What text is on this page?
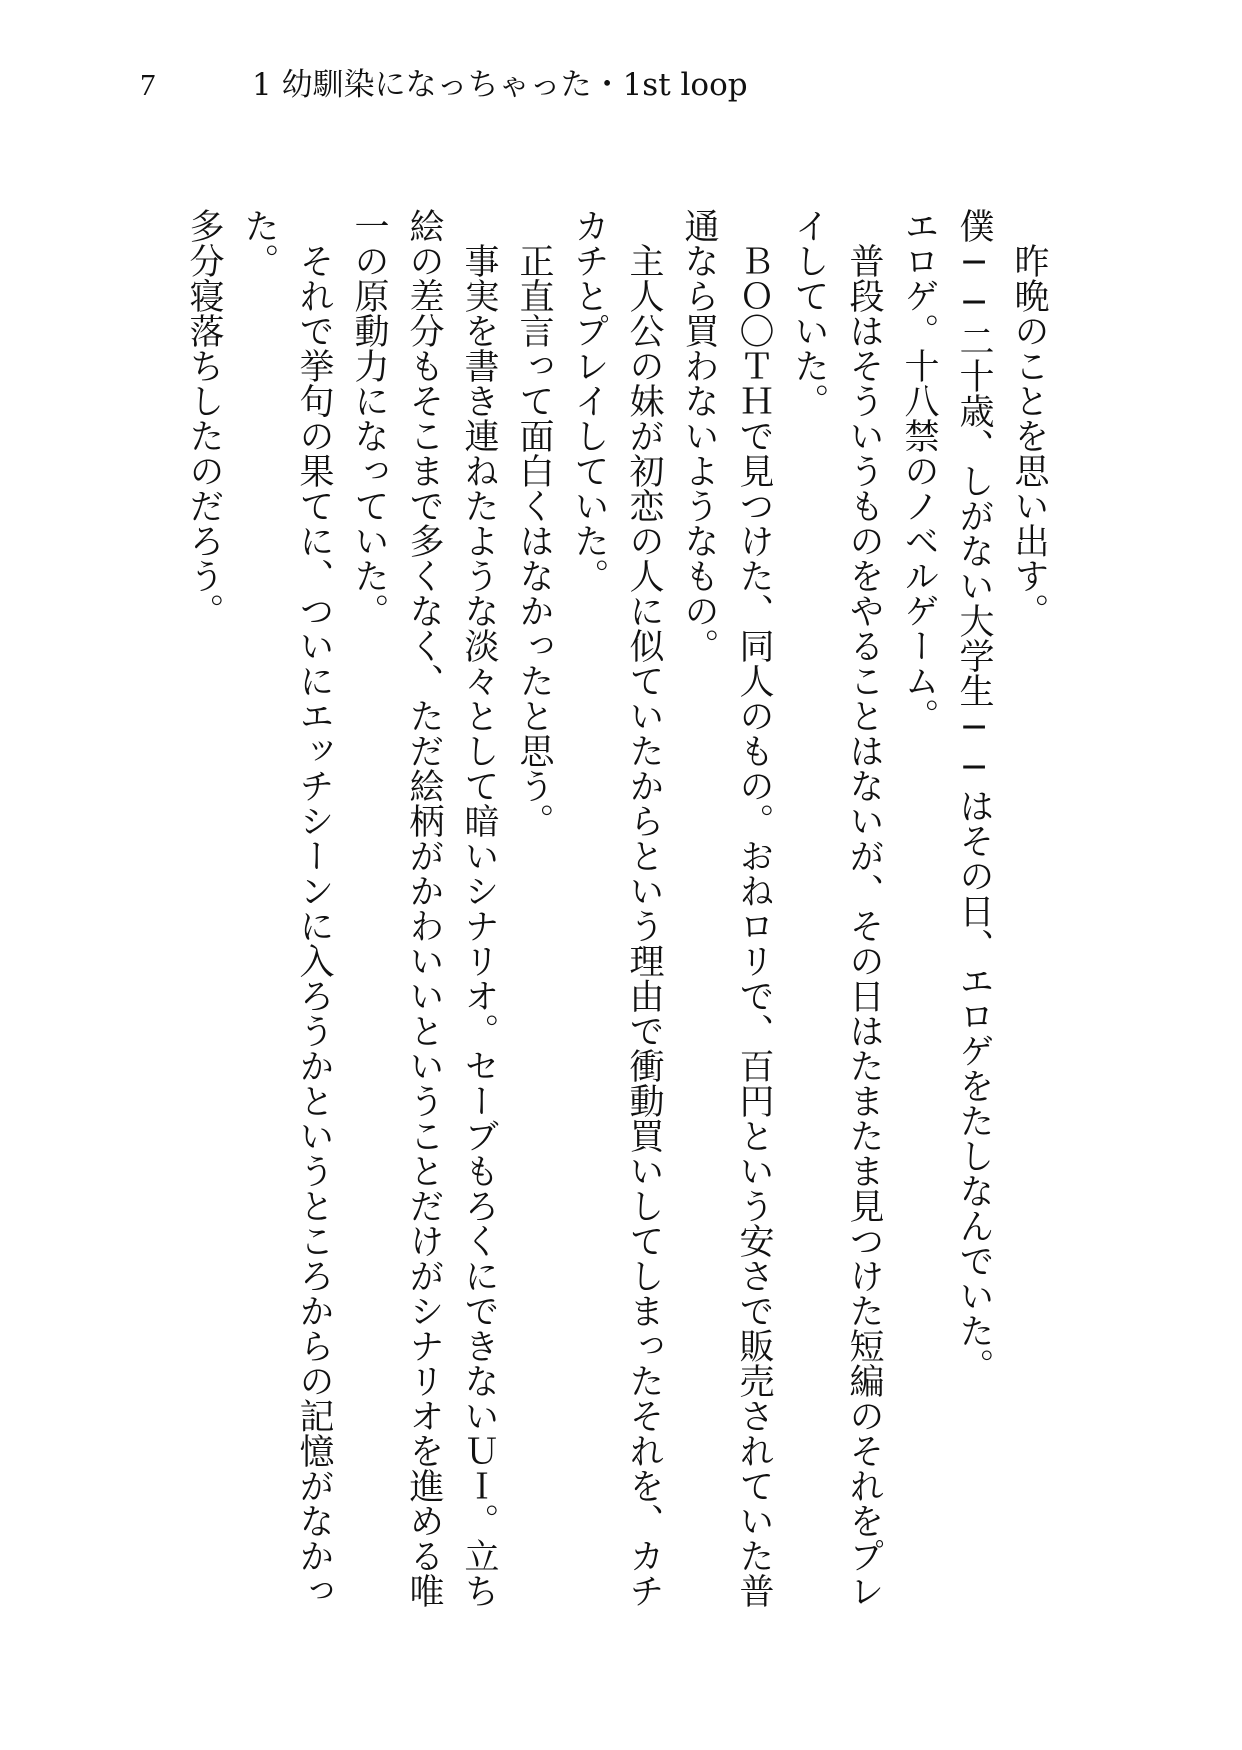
7	1 幼馴染になっちゃった・1st loop

昨晩のことを思い出す。

僕──二十歳、しがない大学生──はその日、エロゲをたしなんでいた。

エロゲ。十八禁のノベルゲーム。

普段はそういうものをやることはないが、その日はたまたま見つけた短編のそれをプレイしていた。

ＢＯ〇ＴＨで見つけた、同人のもの。おねロリで、百円という安さで販売されていた普通なら買わないようなもの。

主人公の妹が初恋の人に似ていたからという理由で衝動買いしてしまったそれを、カチカチとプレイしていた。

正直言って面白くはなかったと思う。

事実を書き連ねたような淡々として暗いシナリオ。セーブもろくにできないＵＩ。立ち絵の差分もそこまで多くなく、ただ絵柄がかわいいということだけがシナリオを進める唯一の原動力になっていた。

それで挙句の果てに、ついにエッチシーンに入ろうかというところからの記憶がなかった。

多分寝落ちしたのだろう。
